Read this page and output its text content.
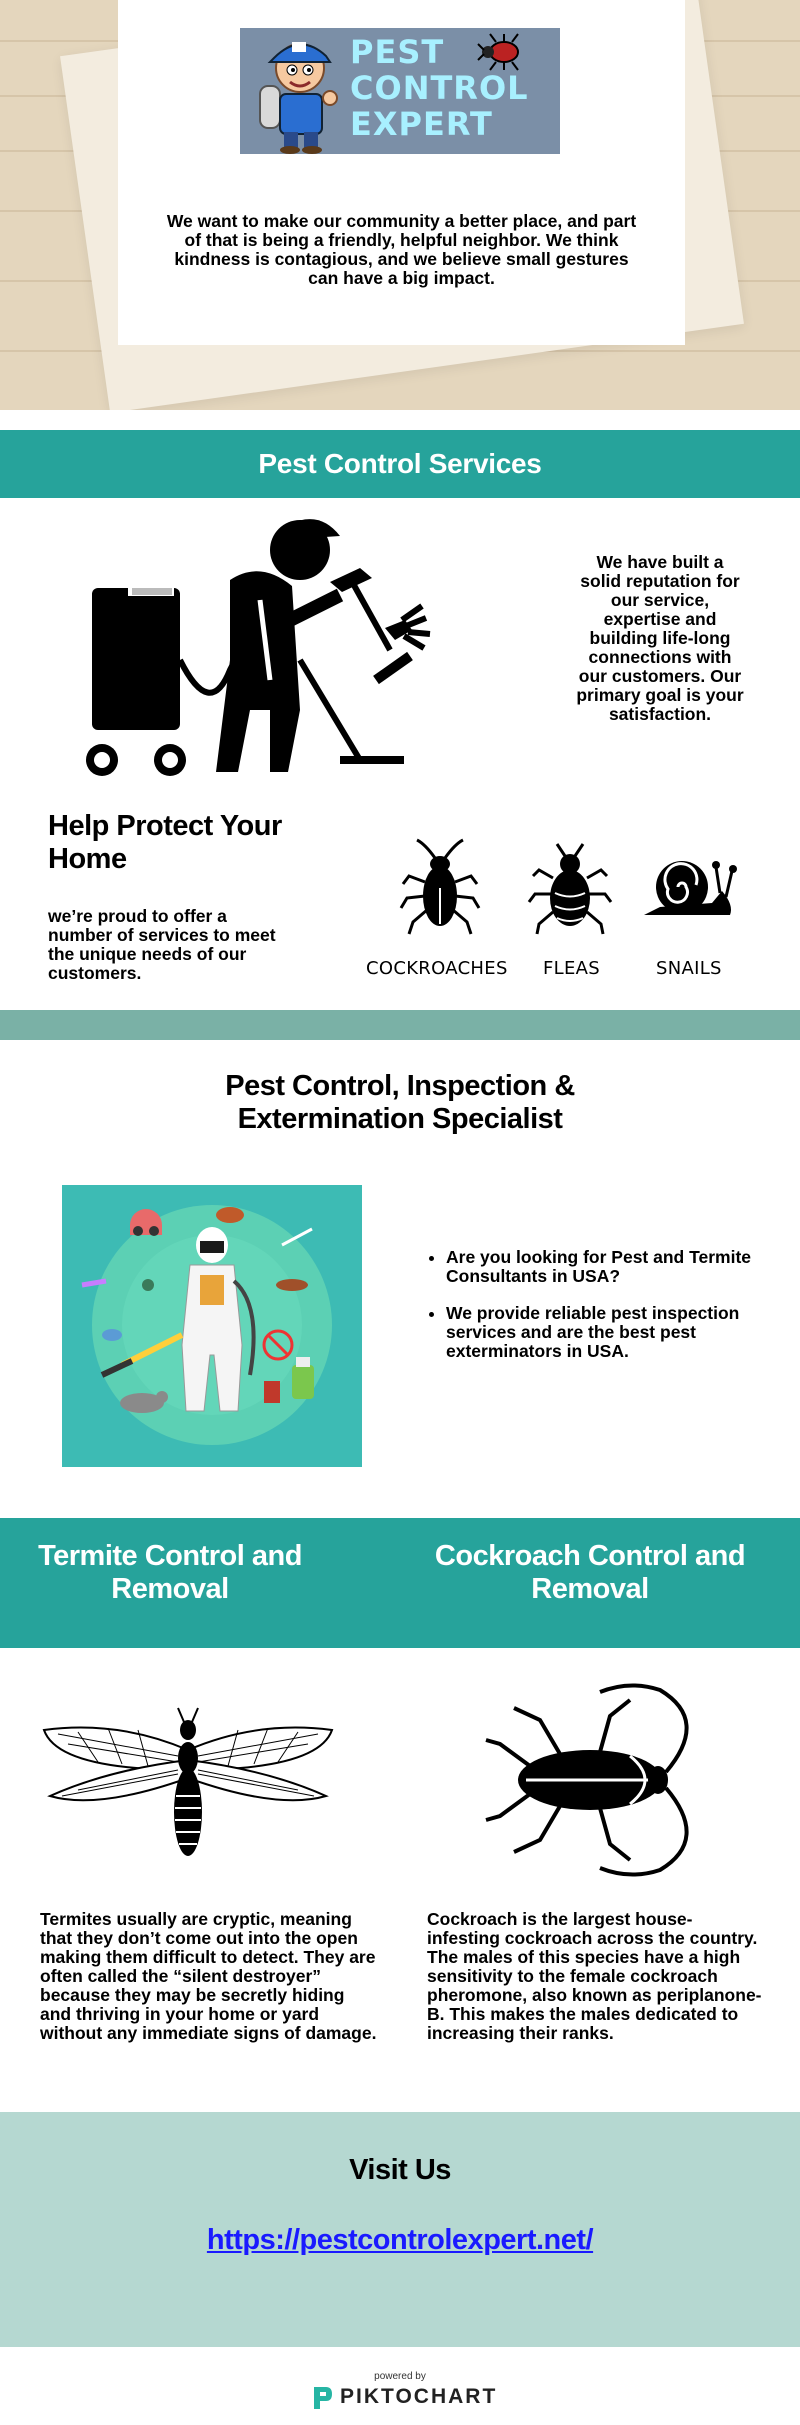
PEST
CONTROL
EXPERT

We want to make our community a better place, and part of that is being a friendly, helpful neighbor. We think kindness is contagious, and we believe small gestures can have a big impact.

Pest Control Services

We have built a solid reputation for our service, expertise and building life-long connections with our customers. Our primary goal is your satisfaction.

Help Protect Your Home

we’re proud to offer a number of services to meet the unique needs of our customers.	COCKROACHES FLEAS	SNAILS
Pest Control, Inspection & Extermination Specialist
• Are you looking for Pest and Termite Consultants in USA?
• We provide reliable pest inspection services and are the best pest exterminators in USA.
Termite Control and Removal
Cockroach Control and Removal

Termites usually are cryptic, meaning that they don’t come out into the open making them difficult to detect. They are often called the “silent destroyer” because they may be secretly hiding and thriving in your home or yard without any immediate signs of damage.

Cockroach is the largest house-infesting cockroach across the country. The males of this species have a high sensitivity to the female cockroach pheromone, also known as periplanone-B. This makes the males dedicated to increasing their ranks.

Visit Us
https://pestcontrolexpert.net/
powered by
PIKTOCHART
